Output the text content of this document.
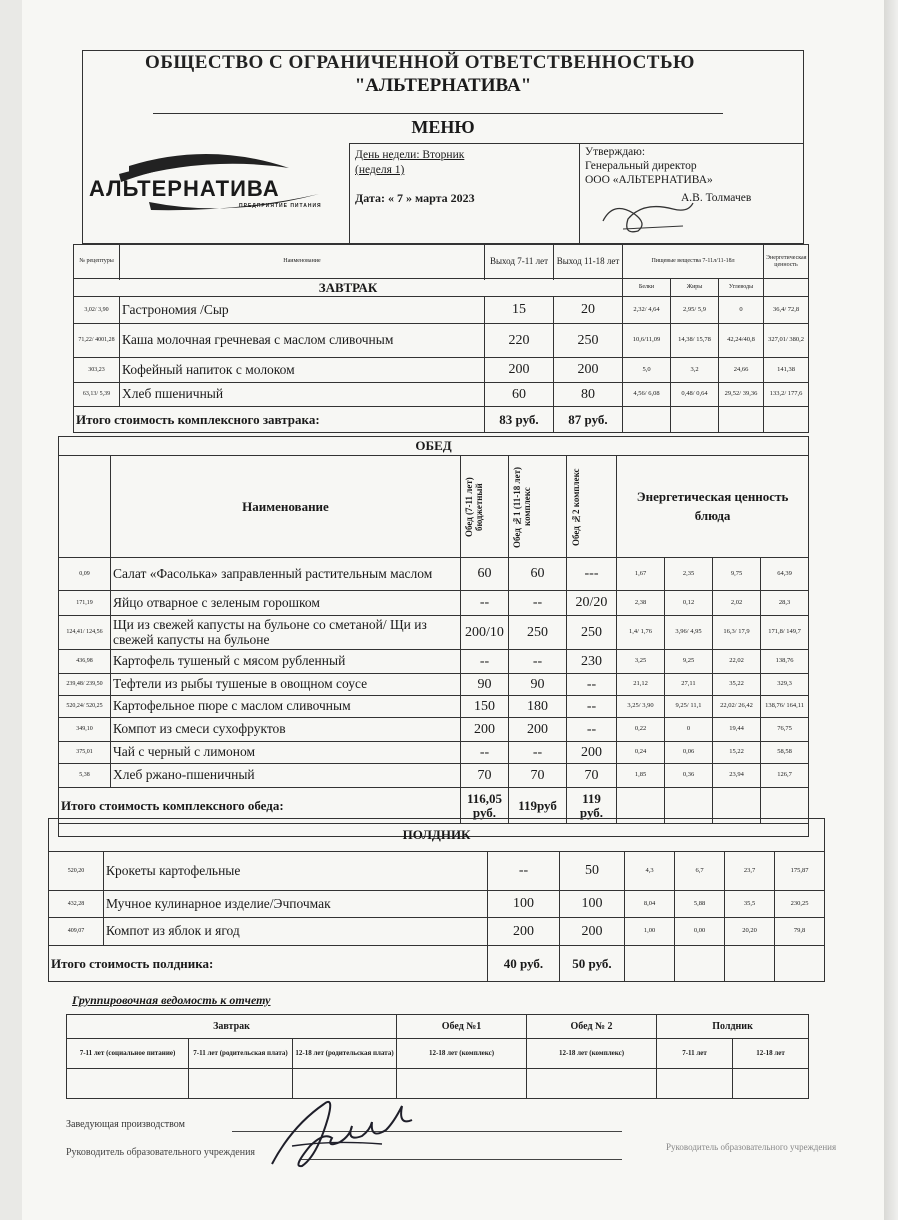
ОБЩЕСТВО С ОГРАНИЧЕННОЙ ОТВЕТСТВЕННОСТЬЮ
"АЛЬТЕРНАТИВА"
МЕНЮ
АЛЬТЕРНАТИВА
ПРЕДПРИЯТИЕ ПИТАНИЯ
День недели: Вторник
(неделя 1)
Дата: « 7 » марта 2023
Утверждаю:
Генеральный директор
ООО «АЛЬТЕРНАТИВА»
А.В. Толмачев
№ рецептуры	Наименование	Выход 7-11 лет	Выход 11-18 лет	Пищевые вещества 7-11л/11-18л			Энергетическая ценность

ЗАВТРАК				Белки	Жиры	Углеводы	
3,02/ 3,90	Гастрономия /Сыр	15	20	2,32/ 4,64	2,95/ 5,9	0	36,4/ 72,8
71,22/ 4001,28	Каша молочная гречневая с маслом сливочным	220	250	10,6/11,09	14,38/ 15,78	42,24/40,8	327,01/ 380,2
303,23	Кофейный напиток с молоком	200	200	5,0	3,2	24,66	141,38
63,13/ 5,39	Хлеб пшеничный	60	80	4,56/ 6,08	0,48/ 0,64	29,52/ 39,36	133,2/ 177,6
Итого стоимость комплексного завтрака:		83 руб.	87 руб.				
ОБЕД								
	Наименование	Обед (7-11 лет) бюджетный	Обед №1 (11-18 лет) комплекс	Обед №2 комплекс	Энергетическая ценность блюда			
0,09	Салат «Фасолька» заправленный растительным маслом	60	60	---	1,67	2,35	9,75	64,39
171,19	Яйцо отварное с зеленым горошком	--	--	20/20	2,38	0,12	2,02	28,3
124,41/ 124,56	Щи из свежей капусты на бульоне со сметаной/ Щи из свежей капусты на бульоне	200/10	250	250	1,4/ 1,76	3,96/ 4,95	16,3/ 17,9	171,8/ 149,7
436,98	Картофель тушеный с мясом рубленный	--	--	230	3,25	9,25	22,02	138,76
239,48/ 239,50	Тефтели из рыбы тушеные в овощном соусе	90	90	--	21,12	27,11	35,22	329,3
520,24/ 520,25	Картофельное пюре с маслом сливочным	150	180	--	3,25/ 3,90	9,25/ 11,1	22,02/ 26,42	138,76/ 164,11
349,10	Компот из смеси сухофруктов	200	200	--	0,22	0	19,44	76,75
375,01	Чай с черный с лимоном	--	--	200	0,24	0,06	15,22	58,58
5,38	Хлеб ржано-пшеничный	70	70	70	1,85	0,36	23,94	126,7
Итого стоимость комплексного обеда:		116,05 руб.	119руб	119 руб.				

ПОЛДНИК							
520,20	Крокеты картофельные	--	50	4,3	6,7	23,7	175,87
432,28	Мучное кулинарное изделие/Эчпочмак	100	100	8,04	5,88	35,5	230,25
409,07	Компот из яблок и ягод	200	200	1,00	0,00	20,20	79,8
Итого стоимость полдника:		40 руб.	50 руб.				
Группировочная ведомость к отчету
Завтрак			Обед №1	Обед № 2	Полдник	
7-11 лет (социальное питание)	7-11 лет (родительская плата)	12-18 лет (родительская плата)	12-18 лет (комплекс)	12-18 лет (комплекс)	7-11 лет	12-18 лет

Заведующая производством
Руководитель образовательного учреждения	Руководитель образовательного учреждения
